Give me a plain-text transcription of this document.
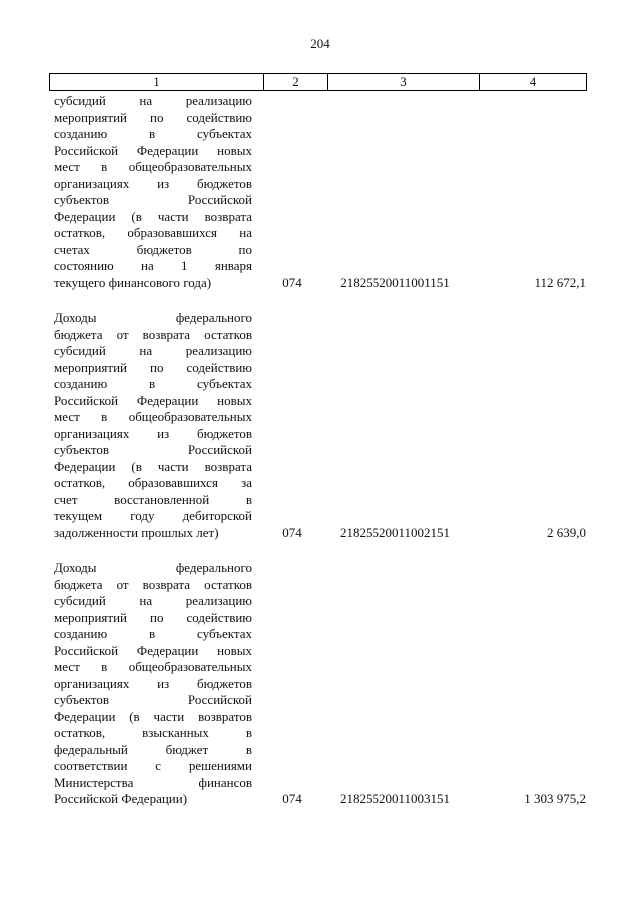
204
1	2	3	4
субсидий на реализацию
мероприятий по содействию
созданию в субъектах
Российской Федерации новых
мест в общеобразовательных
организациях из бюджетов
субъектов Российской
Федерации (в части возврата
остатков, образовавшихся на
счетах бюджетов по
состоянию на 1 января
текущего финансового года)	074	21825520011001151	112 672,1
Доходы федерального
бюджета от возврата остатков
субсидий на реализацию
мероприятий по содействию
созданию в субъектах
Российской Федерации новых
мест в общеобразовательных
организациях из бюджетов
субъектов Российской
Федерации (в части возврата
остатков, образовавшихся за
счет восстановленной в
текущем году дебиторской
задолженности прошлых лет)	074	21825520011002151	2 639,0
Доходы федерального
бюджета от возврата остатков
субсидий на реализацию
мероприятий по содействию
созданию в субъектах
Российской Федерации новых
мест в общеобразовательных
организациях из бюджетов
субъектов Российской
Федерации (в части возвратов
остатков, взысканных в
федеральный бюджет в
соответствии с решениями
Министерства финансов
Российской Федерации)	074	21825520011003151	1 303 975,2
